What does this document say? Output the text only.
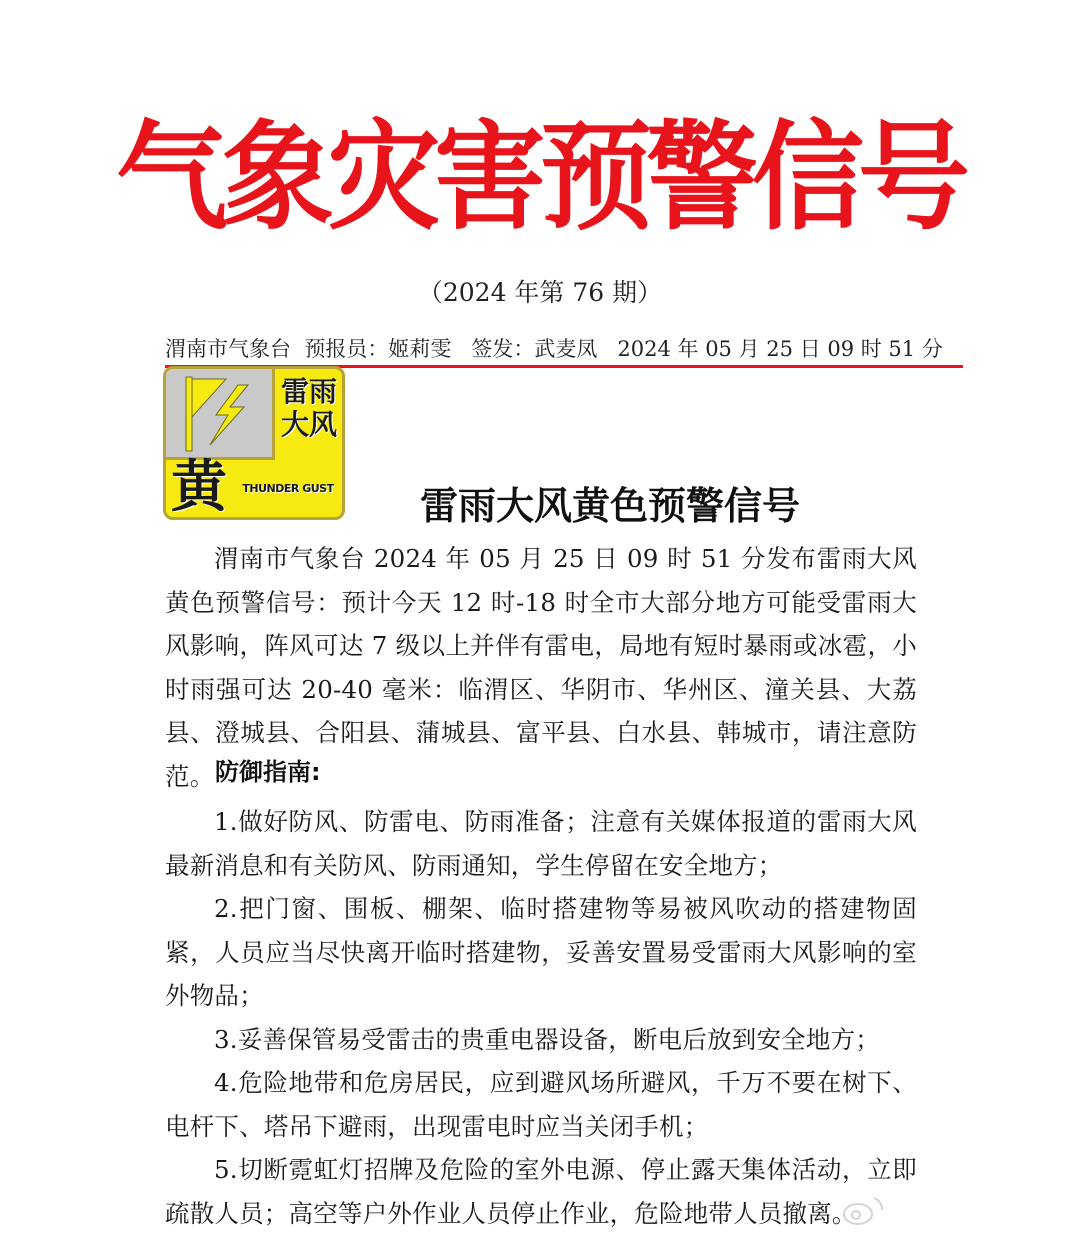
气象灾害预警信号
（2024 年第 76 期）
渭南市气象台  预报员：姬莉雯   签发：武麦凤   2024 年 05 月 25 日 09 时 51 分
雷雨
大风
黄	THUNDER GUST	雷雨大风黄色预警信号

渭南市气象台 2024 年 05 月 25 日 09 时 51 分发布雷雨大风黄色预警信号：预计今天 12 时-18 时全市大部分地方可能受雷雨大风影响，阵风可达 7 级以上并伴有雷电，局地有短时暴雨或冰雹，小时雨强可达 20-40 毫米：临渭区、华阴市、华州区、潼关县、大荔县、澄城县、合阳县、蒲城县、富平县、白水县、韩城市，请注意防范。 防御指南:

1.做好防风、防雷电、防雨准备；注意有关媒体报道的雷雨大风最新消息和有关防风、防雨通知，学生停留在安全地方；

2.把门窗、围板、棚架、临时搭建物等易被风吹动的搭建物固紧，人员应当尽快离开临时搭建物，妥善安置易受雷雨大风影响的室外物品；

3.妥善保管易受雷击的贵重电器设备，断电后放到安全地方；

4.危险地带和危房居民，应到避风场所避风，千万不要在树下、电杆下、塔吊下避雨，出现雷电时应当关闭手机；

5.切断霓虹灯招牌及危险的室外电源、停止露天集体活动，立即疏散人员；高空等户外作业人员停止作业，危险地带人员撤离。
